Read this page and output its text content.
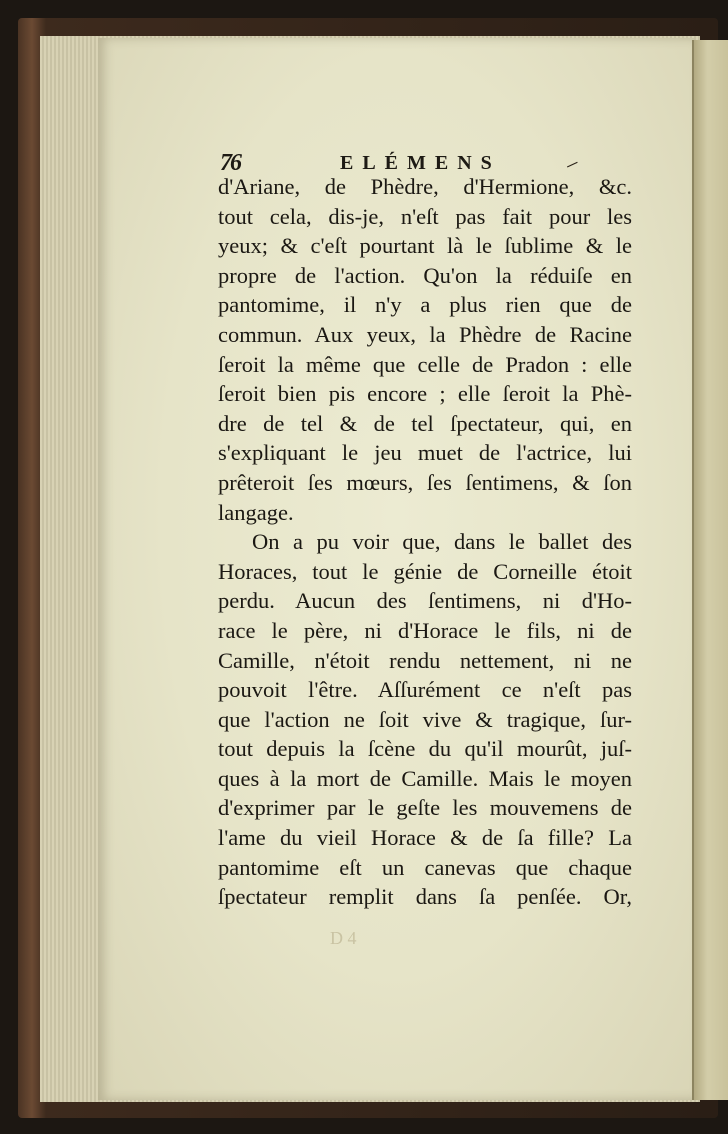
76	ELÉMENS	‒
d'Ariane, de Phèdre, d'Hermione, &c.
tout cela, dis-je, n'eſt pas fait pour les
yeux; & c'eſt pourtant là le ſublime & le
propre de l'action. Qu'on la réduiſe en
pantomime, il n'y a plus rien que de
commun. Aux yeux, la Phèdre de Racine
ſeroit la même que celle de Pradon : elle
ſeroit bien pis encore ; elle ſeroit la Phè-
dre de tel & de tel ſpectateur, qui, en
s'expliquant le jeu muet de l'actrice, lui
prêteroit ſes mœurs, ſes ſentimens, & ſon
langage.
On a pu voir que, dans le ballet des
Horaces, tout le génie de Corneille étoit
perdu. Aucun des ſentimens, ni d'Ho-
race le père, ni d'Horace le fils, ni de
Camille, n'étoit rendu nettement, ni ne
pouvoit l'être. Aſſurément ce n'eſt pas
que l'action ne ſoit vive & tragique, ſur-
tout depuis la ſcène du qu'il mourût, juſ-
ques à la mort de Camille. Mais le moyen
d'exprimer par le geſte les mouvemens de
l'ame du vieil Horace & de ſa fille? La
pantomime eſt un canevas que chaque
ſpectateur remplit dans ſa penſée. Or,
D 4
